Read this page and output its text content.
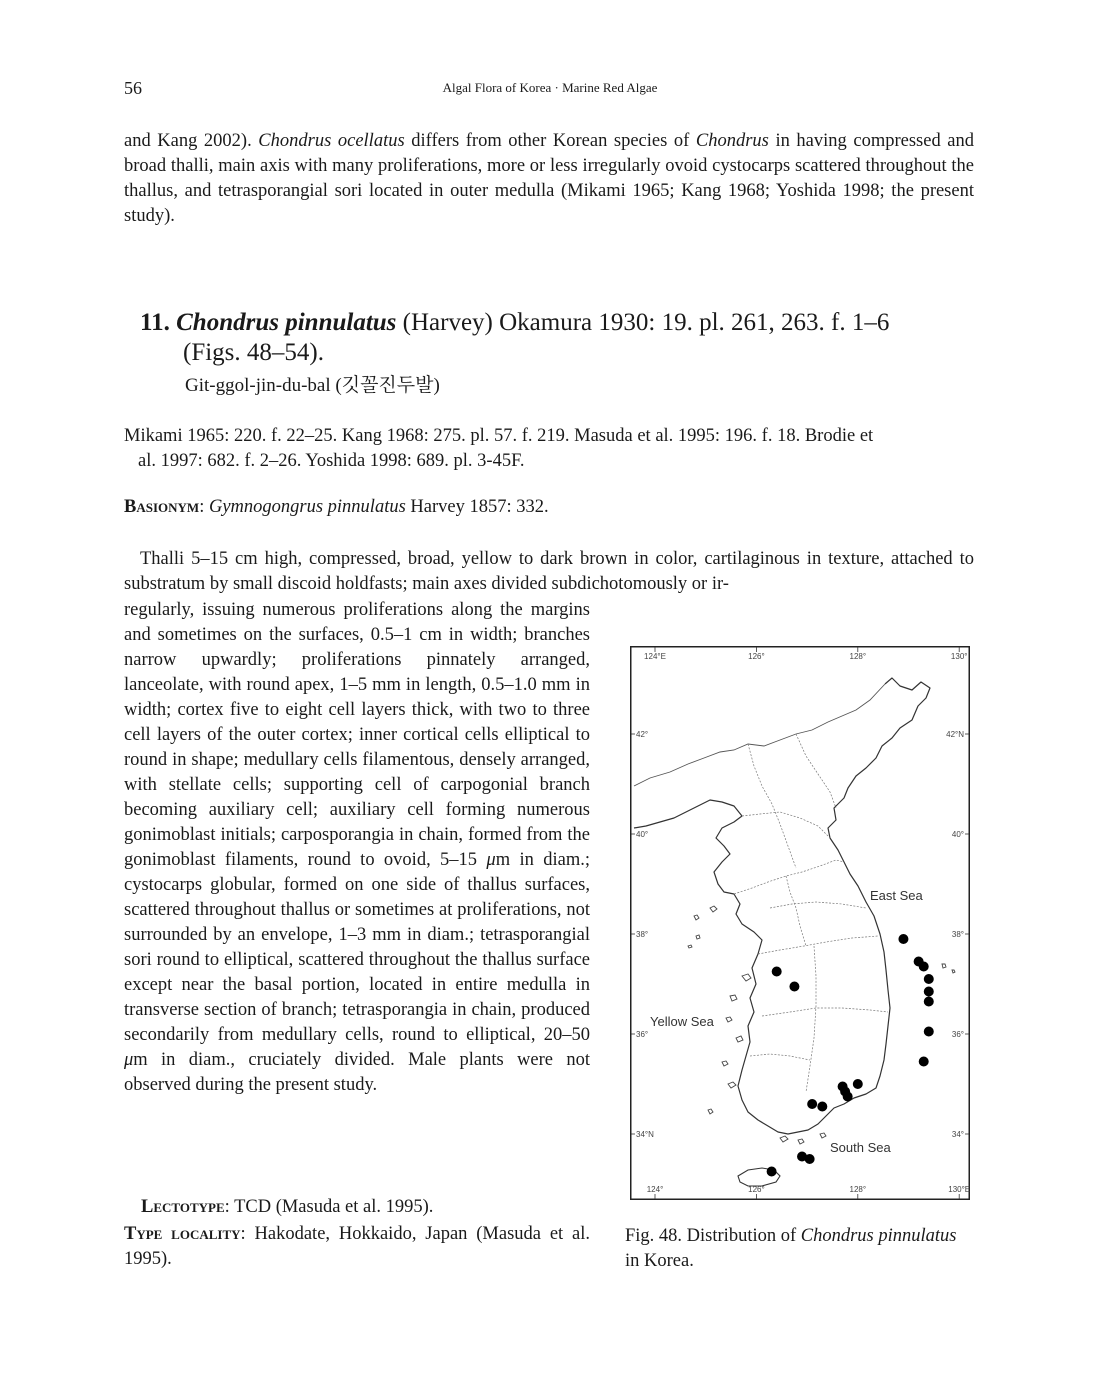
56	Algal Flora of Korea · Marine Red Algae
and Kang 2002). Chondrus ocellatus differs from other Korean species of Chondrus in having compressed and broad thalli, main axis with many proliferations, more or less irregularly ovoid cystocarps scattered throughout the thallus, and tetrasporangial sori located in outer medulla (Mikami 1965; Kang 1968; Yoshida 1998; the present study).
11. Chondrus pinnulatus (Harvey) Okamura 1930: 19. pl. 261, 263. f. 1–6
(Figs. 48–54).
Git-ggol-jin-du-bal (깃꼴진두발)
Mikami 1965: 220. f. 22–25. Kang 1968: 275. pl. 57. f. 219. Masuda et al. 1995: 196. f. 18. Brodie et
al. 1997: 682. f. 2–26. Yoshida 1998: 689. pl. 3-45F.
Basionym: Gymnogongrus pinnulatus Harvey 1857: 332.
Thalli 5–15 cm high, compressed, broad, yellow to dark brown in color, cartilaginous in texture, attached to substratum by small discoid holdfasts; main axes divided subdichotomously or ir-
regularly, issuing numerous proliferations along the margins and sometimes on the surfaces, 0.5–1 cm in width; branches narrow upwardly; proliferations pinnately arranged, lanceolate, with round apex, 1–5 mm in length, 0.5–1.0 mm in width; cortex five to eight cell layers thick, with two to three cell layers of the outer cortex; inner cortical cells elliptical to round in shape; medullary cells filamentous, densely arranged, with stellate cells; supporting cell of carpogonial branch becoming auxiliary cell; auxiliary cell forming numerous gonimoblast initials; carposporangia in chain, formed from the gonimoblast filaments, round to ovoid, 5–15 μm in diam.; cystocarps globular, formed on one side of thallus surfaces, scattered throughout thallus or sometimes at proliferations, not surrounded by an envelope, 1–3 mm in diam.; tetrasporangial sori round to elliptical, scattered throughout the thallus surface except near the basal portion, located in entire medulla in transverse section of branch; tetrasporangia in chain, produced secondarily from medullary cells, round to elliptical, 20–50 μm in diam., cruciately divided. Male plants were not observed during the present study.
Lectotype: TCD (Masuda et al. 1995).
Type locality: Hakodate, Hokkaido, Japan (Masuda et al. 1995).
124°E	126°	128°	130°
124°	126°	128°	130°E
42°
40°
38°
36°
34°N
42°N
40°
38°
36°
34°
East Sea
Yellow Sea
South Sea
Fig. 48. Distribution of Chondrus pinnulatus in Korea.
